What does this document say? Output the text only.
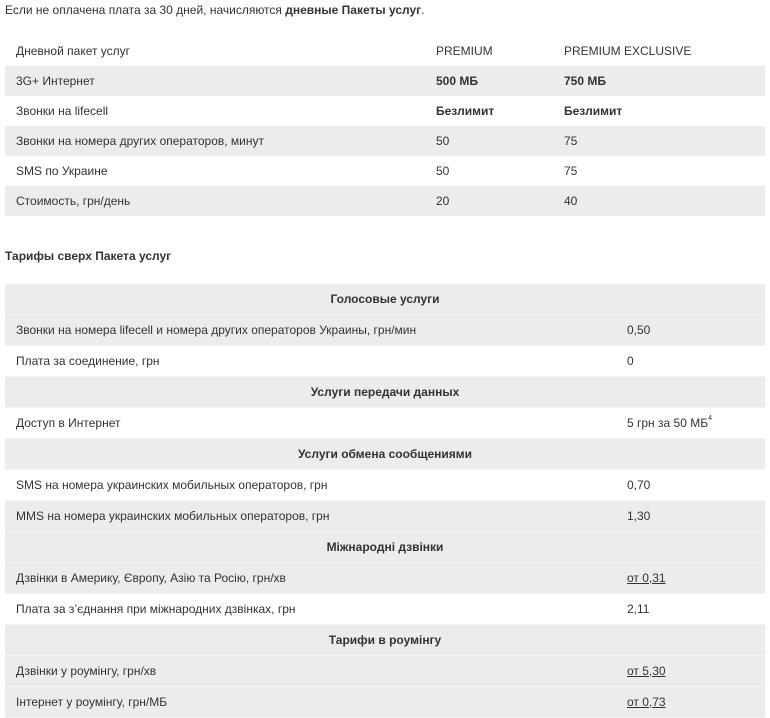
Если не оплачена плата за 30 дней, начисляются дневные Пакеты услуг.
Дневной пакет услуг	PREMIUM	PREMIUM EXCLUSIVE
3G+ Интернет	500 МБ	750 МБ
Звонки на lifecell	Безлимит	Безлимит
Звонки на номера других операторов, минут	50	75
SMS по Украине	50	75
Стоимость, грн/день	20	40
Тарифы сверх Пакета услуг
Голосовые услуги	
Звонки на номера lifecell и номера других операторов Украины, грн/мин	0,50
Плата за соединение, грн	0
Услуги передачи данных	
Доступ в Интернет	5 грн за 50 $МБ^4$
Услуги обмена сообщениями	
SMS на номера украинских мобильных операторов, грн	0,70
MMS на номера украинских мобильных операторов, грн	1,30
Міжнародні дзвінки	
Дзвінки в Америку, Європу, Азію та Росію, грн/хв	от 0,31
Плата за з’єднання при міжнародних дзвінках, грн	2,11
Тарифи в роумінгу	
Дзвінки у роумінгу, грн/хв	от 5,30
Інтернет у роумінгу, грн/МБ	от 0,73
